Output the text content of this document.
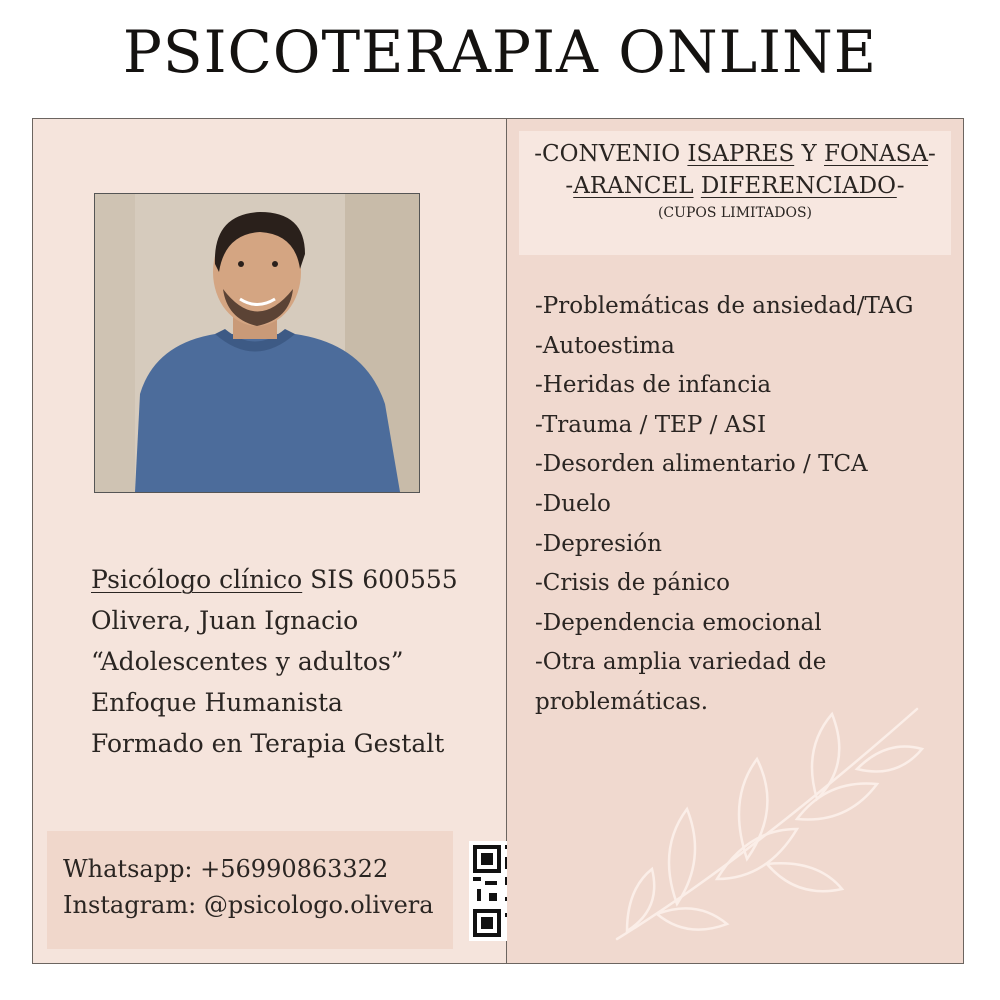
PSICOTERAPIA ONLINE
Psicólogo clínico SIS 600555
Olivera, Juan Ignacio
“Adolescentes y adultos”
Enfoque Humanista
Formado en Terapia Gestalt
Whatsapp: +56990863322
Instagram: @psicologo.olivera
-CONVENIO ISAPRES Y FONASA-
-ARANCEL DIFERENCIADO-
(CUPOS LIMITADOS)
-Problemáticas de ansiedad/TAG
-Autoestima
-Heridas de infancia
-Trauma / TEP / ASI
-Desorden alimentario / TCA
-Duelo
-Depresión
-Crisis de pánico
-Dependencia emocional
-Otra amplia variedad de
problemáticas.
